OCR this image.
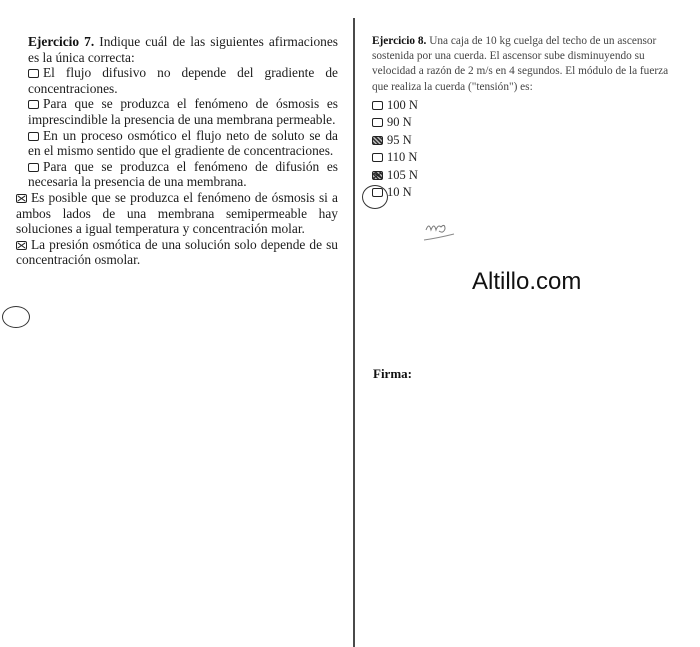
Ejercicio 7. Indique cuál de las siguientes afirmaciones es la única correcta:

El flujo difusivo no depende del gradiente de concentraciones.

Para que se produzca el fenómeno de ósmosis es imprescindible la presencia de una membrana permeable.

En un proceso osmótico el flujo neto de soluto se da en el mismo sentido que el gradiente de concentraciones.

Para que se produzca el fenómeno de difusión es necesaria la presencia de una membrana.

Es posible que se produzca el fenómeno de ósmosis si a ambos lados de una membrana semipermeable hay soluciones a igual temperatura y concentración molar.

La presión osmótica de una solución solo depende de su concentración osmolar.

Ejercicio 8. Una caja de 10 kg cuelga del techo de un ascensor sostenida por una cuerda. El ascensor sube disminuyendo su velocidad a razón de 2 m/s en 4 segundos. El módulo de la fuerza que realiza la cuerda ("tensión") es:

100 N

90 N

95 N

110 N

105 N

10 N

Altillo.com
Firma:
